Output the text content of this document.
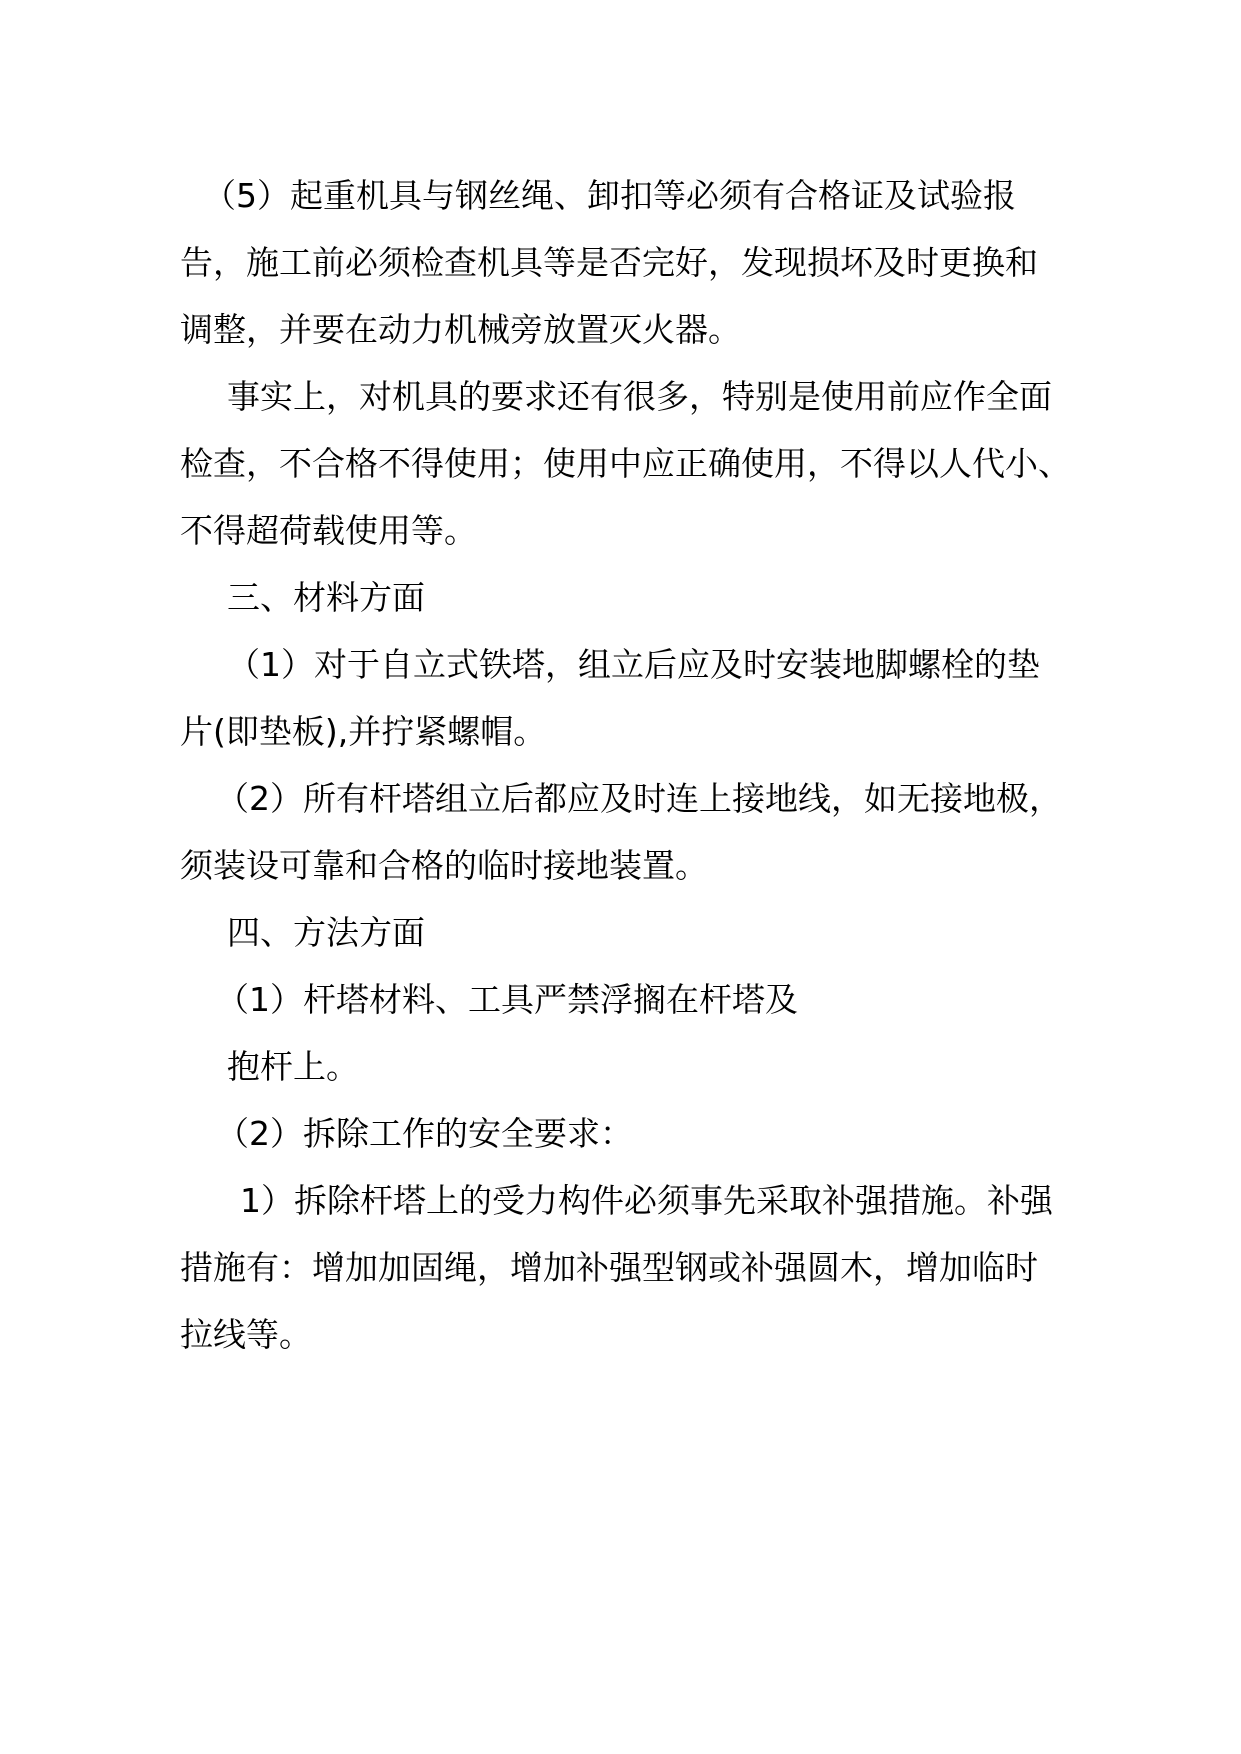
（5）起重机具与钢丝绳、卸扣等必须有合格证及试验报
告，施工前必须检查机具等是否完好，发现损坏及时更换和
调整，并要在动力机械旁放置灭火器。
事实上，对机具的要求还有很多，特别是使用前应作全面
检查，不合格不得使用；使用中应正确使用，不得以人代小、
不得超荷载使用等。
三、材料方面
（1）对于自立式铁塔，组立后应及时安装地脚螺栓的垫
片(即垫板),并拧紧螺帽。
（2）所有杆塔组立后都应及时连上接地线，如无接地极，
须装设可靠和合格的临时接地装置。
四、方法方面
（1）杆塔材料、工具严禁浮搁在杆塔及
抱杆上。
（2）拆除工作的安全要求：
1）拆除杆塔上的受力构件必须事先采取补强措施。补强
措施有：增加加固绳，增加补强型钢或补强圆木，增加临时
拉线等。
